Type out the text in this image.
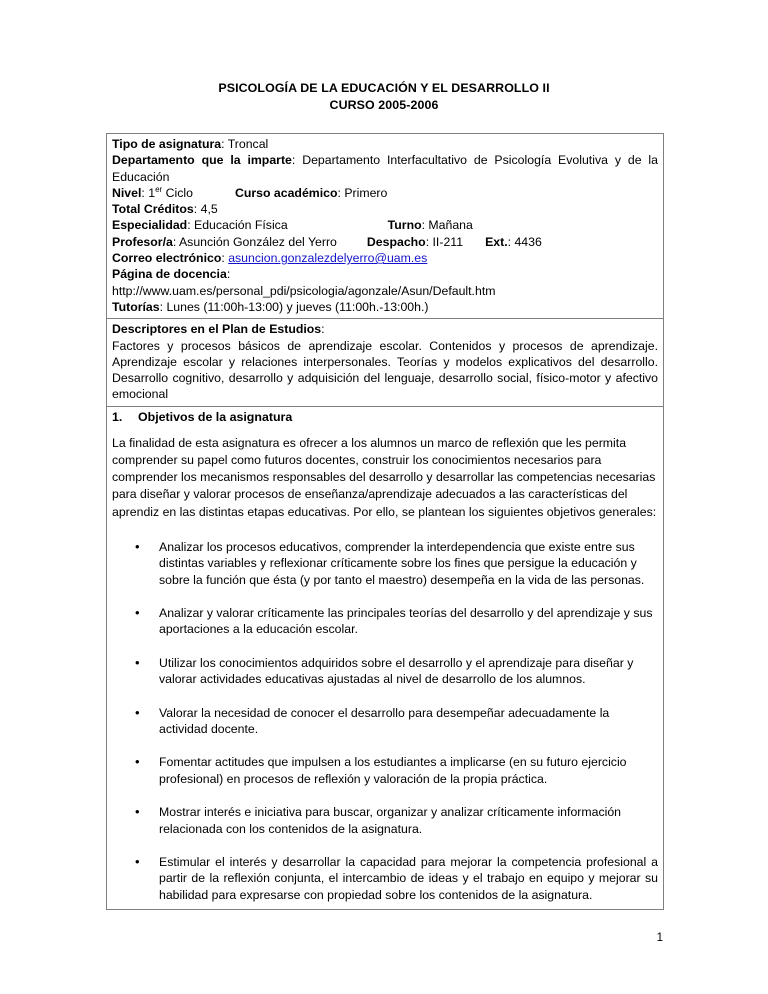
PSICOLOGÍA DE LA EDUCACIÓN Y EL DESARROLLO II
CURSO 2005-2006

Tipo de asignatura: Troncal

Departamento que la imparte: Departamento Interfacultativo de Psicología Evolutiva y de la Educación

Nivel: 1er Ciclo	Curso académico: Primero

Total Créditos: 4,5

Especialidad: Educación Física	Turno: Mañana

Profesor/a: Asunción González del Yerro Despacho: II-211 Ext.: 4436

Correo electrónico: asuncion.gonzalezdelyerro@uam.es

Página de docencia:

http://www.uam.es/personal_pdi/psicologia/agonzale/Asun/Default.htm

Tutorías: Lunes (11:00h-13:00) y jueves (11:00h.-13:00h.)

Descriptores en el Plan de Estudios:

Factores y procesos básicos de aprendizaje escolar. Contenidos y procesos de aprendizaje. Aprendizaje escolar y relaciones interpersonales. Teorías y modelos explicativos del desarrollo. Desarrollo cognitivo, desarrollo y adquisición del lenguaje, desarrollo social, físico-motor y afectivo emocional

1.	Objetivos de la asignatura

La finalidad de esta asignatura es ofrecer a los alumnos un marco de reflexión que les permita comprender su papel como futuros docentes, construir los conocimientos necesarios para comprender los mecanismos responsables del desarrollo y desarrollar las competencias necesarias para diseñar y valorar procesos de enseñanza/aprendizaje adecuados a las características del aprendiz en las distintas etapas educativas. Por ello, se plantean los siguientes objetivos generales:

• Analizar los procesos educativos, comprender la interdependencia que existe entre sus distintas variables y reflexionar críticamente sobre los fines que persigue la educación y sobre la función que ésta (y por tanto el maestro) desempeña en la vida de las personas.
• Analizar y valorar críticamente las principales teorías del desarrollo y del aprendizaje y sus aportaciones a la educación escolar.
• Utilizar los conocimientos adquiridos sobre el desarrollo y el aprendizaje para diseñar y valorar actividades educativas ajustadas al nivel de desarrollo de los alumnos.
• Valorar la necesidad de conocer el desarrollo para desempeñar adecuadamente la actividad docente.
• Fomentar actitudes que impulsen a los estudiantes a implicarse (en su futuro ejercicio profesional) en procesos de reflexión y valoración de la propia práctica.
• Mostrar interés e iniciativa para buscar, organizar y analizar críticamente información relacionada con los contenidos de la asignatura.
• Estimular el interés y desarrollar la capacidad para mejorar la competencia profesional a partir de la reflexión conjunta, el intercambio de ideas y el trabajo en equipo y mejorar su habilidad para expresarse con propiedad sobre los contenidos de la asignatura.
1
